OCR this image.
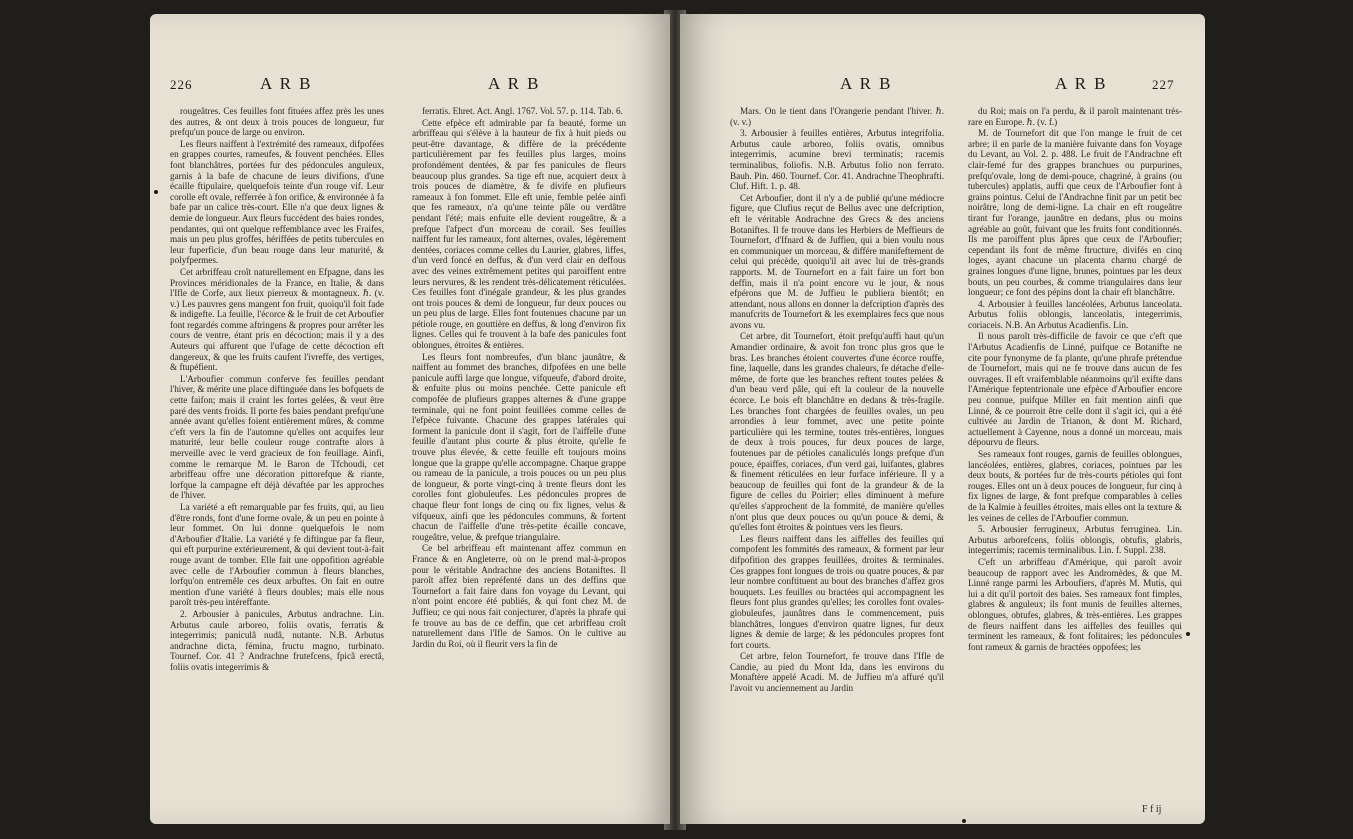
226	A R B	A R B

rougeâtres. Ces feuilles font fituées affez près les unes des autres, & ont deux à trois pouces de longueur, fur prefqu'un pouce de large ou environ.

Les fleurs naiffent à l'extrémité des rameaux, difpofées en grappes courtes, rameufes, & fouvent penchées. Elles font blanchâtres, portées fur des pédoncules anguleux, garnis à la bafe de chacune de leurs divifions, d'une écaille ftipulaire, quelquefois teinte d'un rouge vif. Leur corolle eft ovale, refferrée à fon orifice, & environnée à fa bafe par un calice très-court. Elle n'a que deux lignes & demie de longueur. Aux fleurs fuccèdent des baies rondes, pendantes, qui ont quelque reffemblance avec les Fraifes, mais un peu plus groffes, hériffées de petits tubercules en leur fuperficie, d'un beau rouge dans leur maturité, & polyfpermes.

Cet arbriffeau croît naturellement en Efpagne, dans les Provinces méridionales de la France, en Italie, & dans l'Ifle de Corfe, aux lieux pierreux & montagneux. ℏ. (v. v.) Les pauvres gens mangent fon fruit, quoiqu'il foit fade & indigefte. La feuille, l'écorce & le fruit de cet Arboufier font regardés comme aftringens & propres pour arrêter les cours de ventre, étant pris en décoction; mais il y a des Auteurs qui affurent que l'ufage de cette décoction eft dangereux, & que les fruits caufent l'ivreffe, des vertiges, & ftupéfient.

L'Arboufier commun conferve fes feuilles pendant l'hiver, & mérite une place diftinguée dans les bofquets de cette faifon; mais il craint les fortes gelées, & veut être paré des vents froids. Il porte fes baies pendant prefqu'une année avant qu'elles foient entièrement mûres, & comme c'eft vers la fin de l'automne qu'elles ont acquifes leur maturité, leur belle couleur rouge contrafte alors à merveille avec le verd gracieux de fon feuillage. Ainfi, comme le remarque M. le Baron de Tfchoudi, cet arbriffeau offre une décoration pittorefque & riante, lorfque la campagne eft déjà dévaftée par les approches de l'hiver.

La variété a eft remarquable par fes fruits, qui, au lieu d'être ronds, font d'une forme ovale, & un peu en pointe à leur fommet. On lui donne quelquefois le nom d'Arboufier d'Italie. La variété γ fe diftingue par fa fleur, qui eft purpurine extérieurement, & qui devient tout-à-fait rouge avant de tomber. Elle fait une oppofition agréable avec celle de l'Arboufier commun à fleurs blanches, lorfqu'on entremêle ces deux arbuftes. On fait en outre mention d'une variété à fleurs doubles; mais elle nous paroît très-peu intéreffante.

2. Arbousier à panicules, Arbutus andrachne. Lin. Arbutus caule arboreo, foliis ovatis, ferratis & integerrimis; paniculâ nudâ, nutante. N.B. Arbutus andrachne dicta, fémina, fructu magno, turbinato. Tournef. Cor. 41 ? Andrachne frutefcens, fpicâ erectâ, foliis ovatis integerrimis &

ferratis. Ehret. Act. Angl. 1767. Vol. 57. p. 114. Tab. 6.

Cette efpèce eft admirable par fa beauté, forme un arbriffeau qui s'élève à la hauteur de fix à huit pieds ou peut-être davantage, & diffère de la précédente particulièrement par fes feuilles plus larges, moins profondément dentées, & par fes panicules de fleurs beaucoup plus grandes. Sa tige eft nue, acquiert deux à trois pouces de diamètre, & fe divife en plufieurs rameaux à fon fommet. Elle eft unie, femble pelée ainfi que fes rameaux, n'a qu'une teinte pâle ou verdâtre pendant l'été; mais enfuite elle devient rougeâtre, & a prefque l'afpect d'un morceau de corail. Ses feuilles naiffent fur les rameaux, font alternes, ovales, légèrement dentées, coriaces comme celles du Laurier, glabres, liffes, d'un verd foncé en deffus, & d'un verd clair en deffous avec des veines extrêmement petites qui paroiffent entre leurs nervures, & les rendent très-délicatement réticulées. Ces feuilles font d'inégale grandeur, & les plus grandes ont trois pouces & demi de longueur, fur deux pouces ou un peu plus de large. Elles font foutenues chacune par un pétiole rouge, en gouttière en deffus, & long d'environ fix lignes. Celles qui fe trouvent à la bafe des panicules font oblongues, étroites & entières.

Les fleurs font nombreufes, d'un blanc jaunâtre, & naiffent au fommet des branches, difpofées en une belle panicule auffi large que longue, vifqueufe, d'abord droite, & enfuite plus ou moins penchée. Cette panicule eft compofée de plufieurs grappes alternes & d'une grappe terminale, qui ne font point feuillées comme celles de l'efpèce fuivante. Chacune des grappes latérales qui forment la panicule dont il s'agit, fort de l'aiffelle d'une feuille d'autant plus courte & plus étroite, qu'elle fe trouve plus élevée, & cette feuille eft toujours moins longue que la grappe qu'elle accompagne. Chaque grappe ou rameau de la panicule, a trois pouces ou un peu plus de longueur, & porte vingt-cinq à trente fleurs dont les corolles font globuleufes. Les pédoncules propres de chaque fleur font longs de cinq ou fix lignes, velus & vifqueux, ainfi que les pédoncules communs, & fortent chacun de l'aiffelle d'une très-petite écaille concave, rougeâtre, velue, & prefque triangulaire.

Ce bel arbriffeau eft maintenant affez commun en France & en Angleterre, où on le prend mal-à-propos pour le véritable Andrachne des anciens Botaniftes. Il paroît affez bien repréfenté dans un des deffins que Tournefort a fait faire dans fon voyage du Levant, qui n'ont point encore été publiés, & qui font chez M. de Juffieu; ce qui nous fait conjecturer, d'après la phrafe qui fe trouve au bas de ce deffin, que cet arbriffeau croît naturellement dans l'Ifle de Samos. On le cultive au Jardin du Roi, où il fleurit vers la fin de

A R B	A R B	227

Mars. On le tient dans l'Orangerie pendant l'hiver. ℏ. (v. v.)

3. Arbousier à feuilles entières, Arbutus integrifolia. Arbutus caule arboreo, foliis ovatis, omnibus integerrimis, acumine brevi terminatis; racemis terminalibus, foliofis. N.B. Arbutus folio non ferrato. Bauh. Pin. 460. Tournef. Cor. 41. Andrachne Theophrafti. Cluf. Hift. 1. p. 48.

Cet Arboufier, dont il n'y a de publié qu'une médiocre figure, que Clufius reçut de Bellus avec une defcription, eft le véritable Andrachne des Grecs & des anciens Botaniftes. Il fe trouve dans les Herbiers de Meffieurs de Tournefort, d'Ifnard & de Juffieu, qui a bien voulu nous en communiquer un morceau, & différe manifeftement de celui qui précède, quoiqu'il ait avec lui de très-grands rapports. M. de Tournefort en a fait faire un fort bon deffin, mais il n'a point encore vu le jour, & nous efpérons que M. de Juffieu le publiera bientôt; en attendant, nous allons en donner la defcription d'après des manufcrits de Tournefort & les exemplaires fecs que nous avons vu.

Cet arbre, dit Tournefort, étoit prefqu'auffi haut qu'un Amandier ordinaire, & avoit fon tronc plus gros que le bras. Les branches étoient couvertes d'une écorce rouffe, fine, laquelle, dans les grandes chaleurs, fe détache d'elle-même, de forte que les branches reftent toutes pelées & d'un beau verd pâle, qui eft la couleur de la nouvelle écorce. Le bois eft blanchâtre en dedans & très-fragile. Les branches font chargées de feuilles ovales, un peu arrondies à leur fommet, avec une petite pointe particulière qui les termine, toutes très-entières, longues de deux à trois pouces, fur deux pouces de large, foutenues par de pétioles canaliculés longs prefque d'un pouce, épaiffes, coriaces, d'un verd gai, luifantes, glabres & finement réticulées en leur furface inférieure. Il y a beaucoup de feuilles qui font de la grandeur & de la figure de celles du Poirier; elles diminuent à mefure qu'elles s'approchent de la fommité, de manière qu'elles n'ont plus que deux pouces ou qu'un pouce & demi, & qu'elles font étroites & pointues vers les fleurs.

Les fleurs naiffent dans les aiffelles des feuilles qui compofent les fommités des rameaux, & forment par leur difpofition des grappes feuillées, droites & terminales. Ces grappes font longues de trois ou quatre pouces, & par leur nombre conftituent au bout des branches d'affez gros bouquets. Les feuilles ou bractées qui accompagnent les fleurs font plus grandes qu'elles; les corolles font ovales-globuleufes, jaunâtres dans le commencement, puis blanchâtres, longues d'environ quatre lignes, fur deux lignes & demie de large; & les pédoncules propres font fort courts.

Cet arbre, felon Tournefort, fe trouve dans l'Ifle de Candie, au pied du Mont Ida, dans les environs du Monaftère appelé Acadi. M. de Juffieu m'a affuré qu'il l'avoit vu anciennement au Jardin

du Roi; mais on l'a perdu, & il paroît maintenant très-rare en Europe. ℏ. (v. f.)

M. de Tournefort dit que l'on mange le fruit de cet arbre; il en parle de la manière fuivante dans fon Voyage du Levant, au Vol. 2. p. 488. Le fruit de l'Andrachne eft clair-femé fur des grappes branchues ou purpurines, prefqu'ovale, long de demi-pouce, chagriné, à grains (ou tubercules) applatis, auffi que ceux de l'Arboufier font à grains pointus. Celui de l'Andrachne finit par un petit bec noirâtre, long de demi-ligne. La chair en eft rougeâtre tirant fur l'orange, jaunâtre en dedans, plus ou moins agréable au goût, fuivant que les fruits font conditionnés. Ils me paroiffent plus âpres que ceux de l'Arboufier; cependant ils font de même ftructure, divifés en cinq loges, ayant chacune un placenta charnu chargé de graines longues d'une ligne, brunes, pointues par les deux bouts, un peu courbes, & comme triangulaires dans leur longueur; ce font des pépins dont la chair eft blanchâtre.

4. Arbousier à feuilles lancéolées, Arbutus lanceolata. Arbutus foliis oblongis, lanceolatis, integerrimis, coriaceis. N.B. An Arbutus Acadienfis. Lin.

Il nous paroît très-difficile de favoir ce que c'eft que l'Arbutus Acadienfis de Linné, puifque ce Botanifte ne cite pour fynonyme de fa plante, qu'une phrafe prétendue de Tournefort, mais qui ne fe trouve dans aucun de fes ouvrages. Il eft vraifemblable néanmoins qu'il exifte dans l'Amérique feptentrionale une efpèce d'Arboufier encore peu connue, puifque Miller en fait mention ainfi que Linné, & ce pourroit être celle dont il s'agit ici, qui a été cultivée au Jardin de Trianon, & dont M. Richard, actuellement à Cayenne, nous a donné un morceau, mais dépourvu de fleurs.

Ses rameaux font rouges, garnis de feuilles oblongues, lancéolées, entières, glabres, coriaces, pointues par les deux bouts, & portées fur de très-courts pétioles qui font rouges. Elles ont un à deux pouces de longueur, fur cinq à fix lignes de large, & font prefque comparables à celles de la Kalmie à feuilles étroites, mais elles ont la texture & les veines de celles de l'Arboufier commun.

5. Arbousier ferrugineux, Arbutus ferruginea. Lin. Arbutus arborefcens, foliis oblongis, obtufis, glabris, integerrimis; racemis terminalibus. Lin. f. Suppl. 238.

C'eft un arbriffeau d'Amérique, qui paroît avoir beaucoup de rapport avec les Andromèdes, & que M. Linné range parmi les Arboufiers, d'après M. Mutis, qui lui a dit qu'il portoit des baies. Ses rameaux font fimples, glabres & anguleux; ils font munis de feuilles alternes, oblongues, obtufes, glabres, & très-entières. Les grappes de fleurs naiffent dans les aiffelles des feuilles qui terminent les rameaux, & font folitaires; les pédoncules font rameux & garnis de bractées oppofées; les

F f ij
